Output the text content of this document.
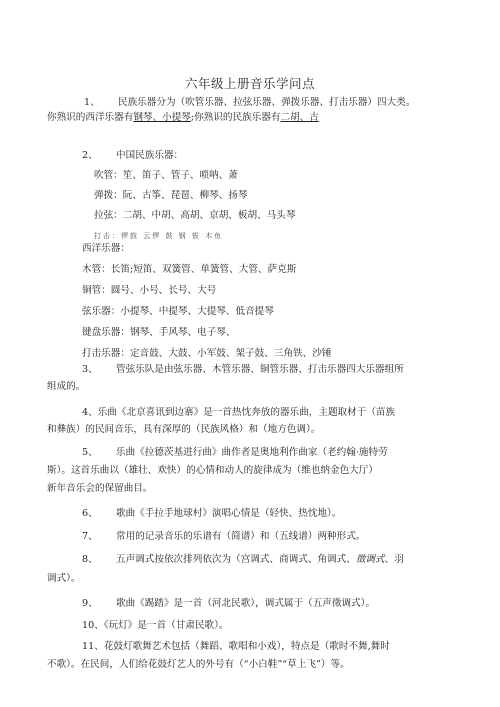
六年级上册音乐学问点
1、 民族乐器分为（吹管乐器、拉弦乐器、弹拨乐器、打击乐器）四大类。
你熟识的西洋乐器有钢琴、小提琴;你熟识的民族乐器有二胡、古
2、 中国民族乐器：
吹管：笙、笛子、管子、唢呐、萧
弹拨：阮、古筝、琵琶、柳琴、扬琴
拉弦：二胡、中胡、高胡、京胡、板胡、马头琴
打击：锣鼓 云锣 鼓 钢 钹 木鱼
西洋乐器：
木管：长笛;短笛、双簧管、单簧管、大管、萨克斯
铜管：圆号、小号、长号、大号
弦乐器：小提琴、中提琴、大提琴、低音提琴
键盘乐器：钢琴、手风琴、电子琴、
打击乐器：定音鼓、大鼓、小军鼓、架子鼓、三角铁、沙锤
3、 管弦乐队是由弦乐器、木管乐器、铜管乐器、打击乐器四大乐器组所
组成的。
4、乐曲《北京喜讯到边寨》是一首热忱奔放的器乐曲，主题取材于（苗族
和彝族）的民间音乐，具有深厚的（民族风格）和（地方色调）。
5、 乐曲《拉德茨基进行曲》曲作者是奥地利作曲家（老约翰·施特劳
斯）。这首乐曲以（雄壮、欢快）的心情和动人的旋律成为（维也纳金色大厅）
新年音乐会的保留曲目。
6、 歌曲《手拉手地球村》演唱心情是（轻快、热忱地）。
7、 常用的记录音乐的乐谱有（简谱）和（五线谱）两种形式。
8、 五声调式按依次排列依次为（宫调式、商调式、角调式、徵调式、羽
调式）。
9、 歌曲《踢踏》是一首（河北民歌），调式属于（五声徵调式）。
10、《玩灯》是一首（甘肃民歌）。
11、花鼓灯歌舞艺术包括（舞蹈、歌唱和小戏），特点是（歌时不舞,舞时
不歌）。在民间，人们给花鼓灯艺人的外号有（“小白鞋”“草上飞”）等。
